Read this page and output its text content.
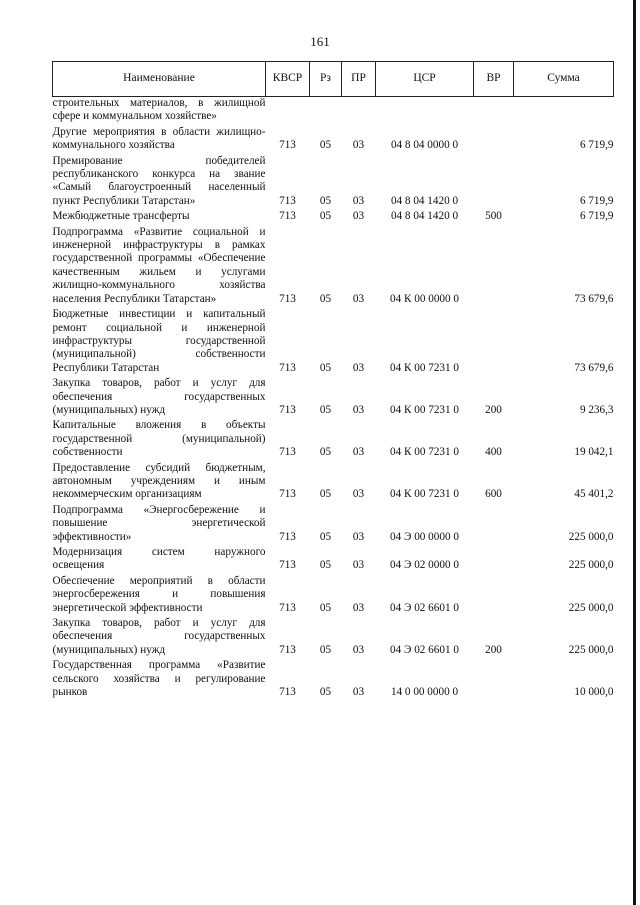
161
Наименование	КВСР	Рз	ПР	ЦСР	ВР	Сумма
строительных материалов, в жилищной сфере и коммунальном хозяйстве»						
Другие мероприятия в области жилищно-коммунального хозяйства	713	05	03	04 8 04 0000 0		6 719,9
Премирование победителей республиканского конкурса на звание «Самый благоустроенный населенный пункт Республики Татарстан»	713	05	03	04 8 04 1420 0		6 719,9
Межбюджетные трансферты	713	05	03	04 8 04 1420 0	500	6 719,9
Подпрограмма «Развитие социальной и инженерной инфраструктуры в рамках государственной программы «Обеспечение качественным жильем и услугами жилищно-коммунального хозяйства населения Республики Татарстан»	713	05	03	04 К 00 0000 0		73 679,6
Бюджетные инвестиции и капитальный ремонт социальной и инженерной инфраструктуры государственной (муниципальной) собственности Республики Татарстан	713	05	03	04 К 00 7231 0		73 679,6
Закупка товаров, работ и услуг для обеспечения государственных (муниципальных) нужд	713	05	03	04 К 00 7231 0	200	9 236,3
Капитальные вложения в объекты государственной (муниципальной) собственности	713	05	03	04 К 00 7231 0	400	19 042,1
Предоставление субсидий бюджетным, автономным учреждениям и иным некоммерческим организациям	713	05	03	04 К 00 7231 0	600	45 401,2
Подпрограмма «Энергосбережение и повышение энергетической эффективности»	713	05	03	04 Э 00 0000 0		225 000,0
Модернизация систем наружного освещения	713	05	03	04 Э 02 0000 0		225 000,0
Обеспечение мероприятий в области энергосбережения и повышения энергетической эффективности	713	05	03	04 Э 02 6601 0		225 000,0
Закупка товаров, работ и услуг для обеспечения государственных (муниципальных) нужд	713	05	03	04 Э 02 6601 0	200	225 000,0
Государственная программа «Развитие сельского хозяйства и регулирование рынков	713	05	03	14 0 00 0000 0		10 000,0
